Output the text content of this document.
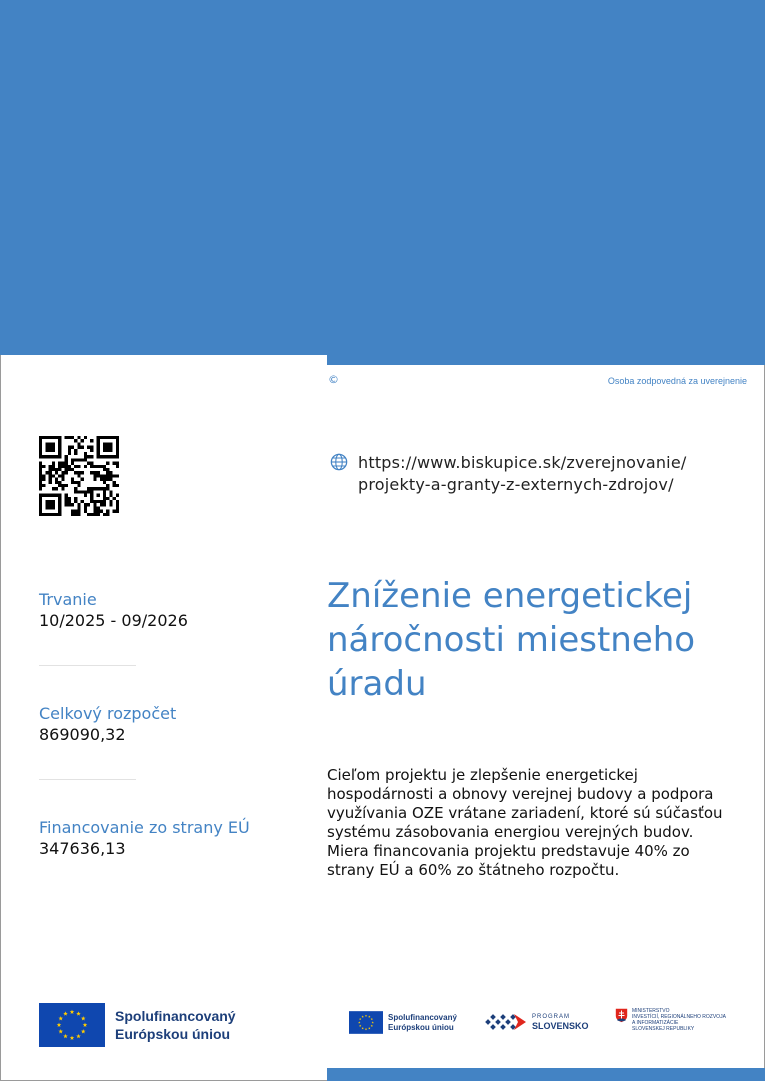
©	Osoba zodpovedná za uverejnenie
https://www.biskupice.sk/zverejnovanie/
projekty-a-granty-z-externych-zdrojov/
Trvanie
10/2025 - 09/2026
Celkový rozpočet
869090,32
Financovanie zo strany EÚ
347636,13
Zníženie energetickej náročnosti miestneho úradu

Cieľom projektu je zlepšenie energetickej hospodárnosti a obnovy verejnej budovy a podpora využívania OZE vrátane zariadení, ktoré sú súčasťou systému zásobovania energiou verejných budov. Miera financovania projektu predstavuje 40% zo strany EÚ a 60% zo štátneho rozpočtu.

Spolufinancovaný
Európskou úniou
Spolufinancovaný
Európskou úniou
PROGRAM
SLOVENSKO
MINISTERSTVO
INVESTÍCIÍ, REGIONÁLNEHO ROZVOJA
A INFORMATIZÁCIE
SLOVENSKEJ REPUBLIKY
